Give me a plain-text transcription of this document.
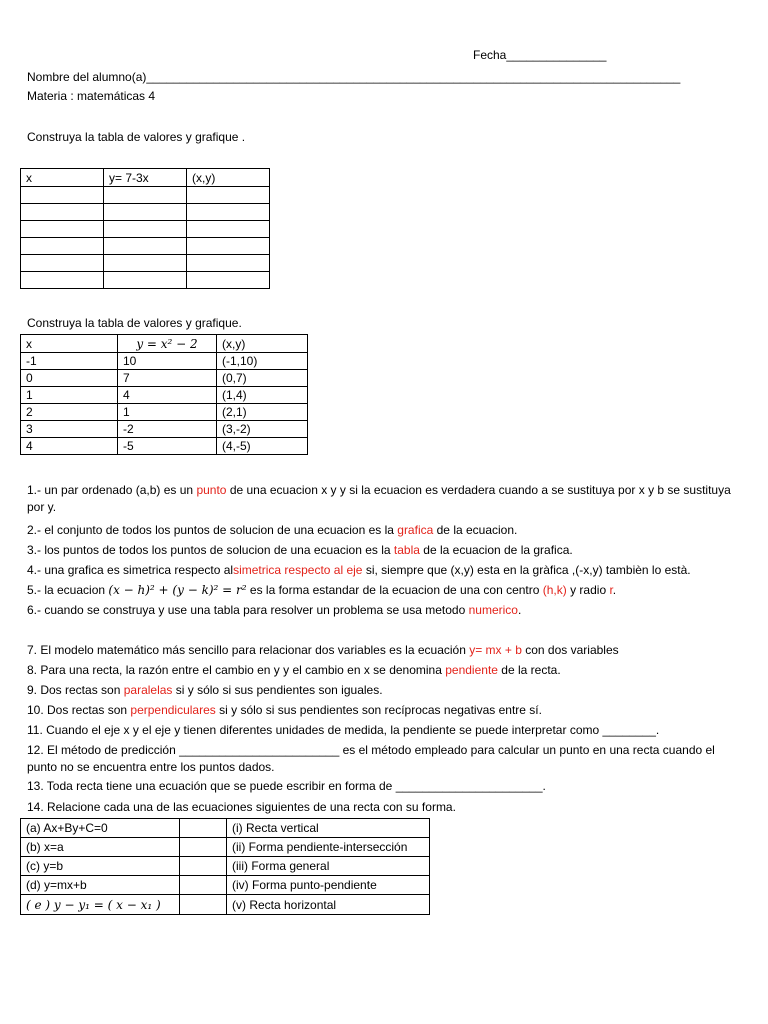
Fecha_______________
Nombre del alumno(a)________________________________________________________________________________
Materia : matemáticas 4
Construya la tabla de valores y grafique .
x	y= 7-3x	(x,y)

Construya la tabla de valores y grafique.
x	y = x² − 2	(x,y)
-1	10	(-1,10)
0	7	(0,7)
1	4	(1,4)
2	1	(2,1)
3	-2	(3,-2)
4	-5	(4,-5)
1.- un par ordenado (a,b) es un punto de una ecuacion x y y si la ecuacion es verdadera cuando a se sustituya por x y b se sustituya por y.
2.- el conjunto de todos los puntos de solucion de una ecuacion es la grafica de la ecuacion.
3.- los puntos de todos los puntos de solucion de una ecuacion es la tabla de la ecuacion de la grafica.
4.- una grafica es simetrica respecto alsimetrica respecto al eje si, siempre que (x,y) esta en la gràfica ,(-x,y) tambièn lo està.
5.- la ecuacion (x − h)² + (y − k)² = r² es la forma estandar de la ecuacion de una con centro (h,k) y radio r.
6.- cuando se construya y use una tabla para resolver un problema se usa metodo numerico.
7. El modelo matemático más sencillo para relacionar dos variables es la ecuación y= mx + b con dos variables
8. Para una recta, la razón entre el cambio en y y el cambio en x se denomina pendiente de la recta.
9. Dos rectas son paralelas si y sólo si sus pendientes son iguales.
10. Dos rectas son perpendiculares si y sólo si sus pendientes son recíprocas negativas entre sí.
11. Cuando el eje x y el eje y tienen diferentes unidades de medida, la pendiente se puede interpretar como ________.
12. El método de predicción ________________________ es el método empleado para calcular un punto en una recta cuando el punto no se encuentra entre los puntos dados.
13. Toda recta tiene una ecuación que se puede escribir en forma de ______________________.
14. Relacione cada una de las ecuaciones siguientes de una recta con su forma.
(a) Ax+By+C=0		(i) Recta vertical
(b) x=a		(ii) Forma pendiente-intersección
(c) y=b		(iii) Forma general
(d) y=mx+b		(iv) Forma punto-pendiente
( e ) y − y₁ = ( x − x₁ )		(v) Recta horizontal
